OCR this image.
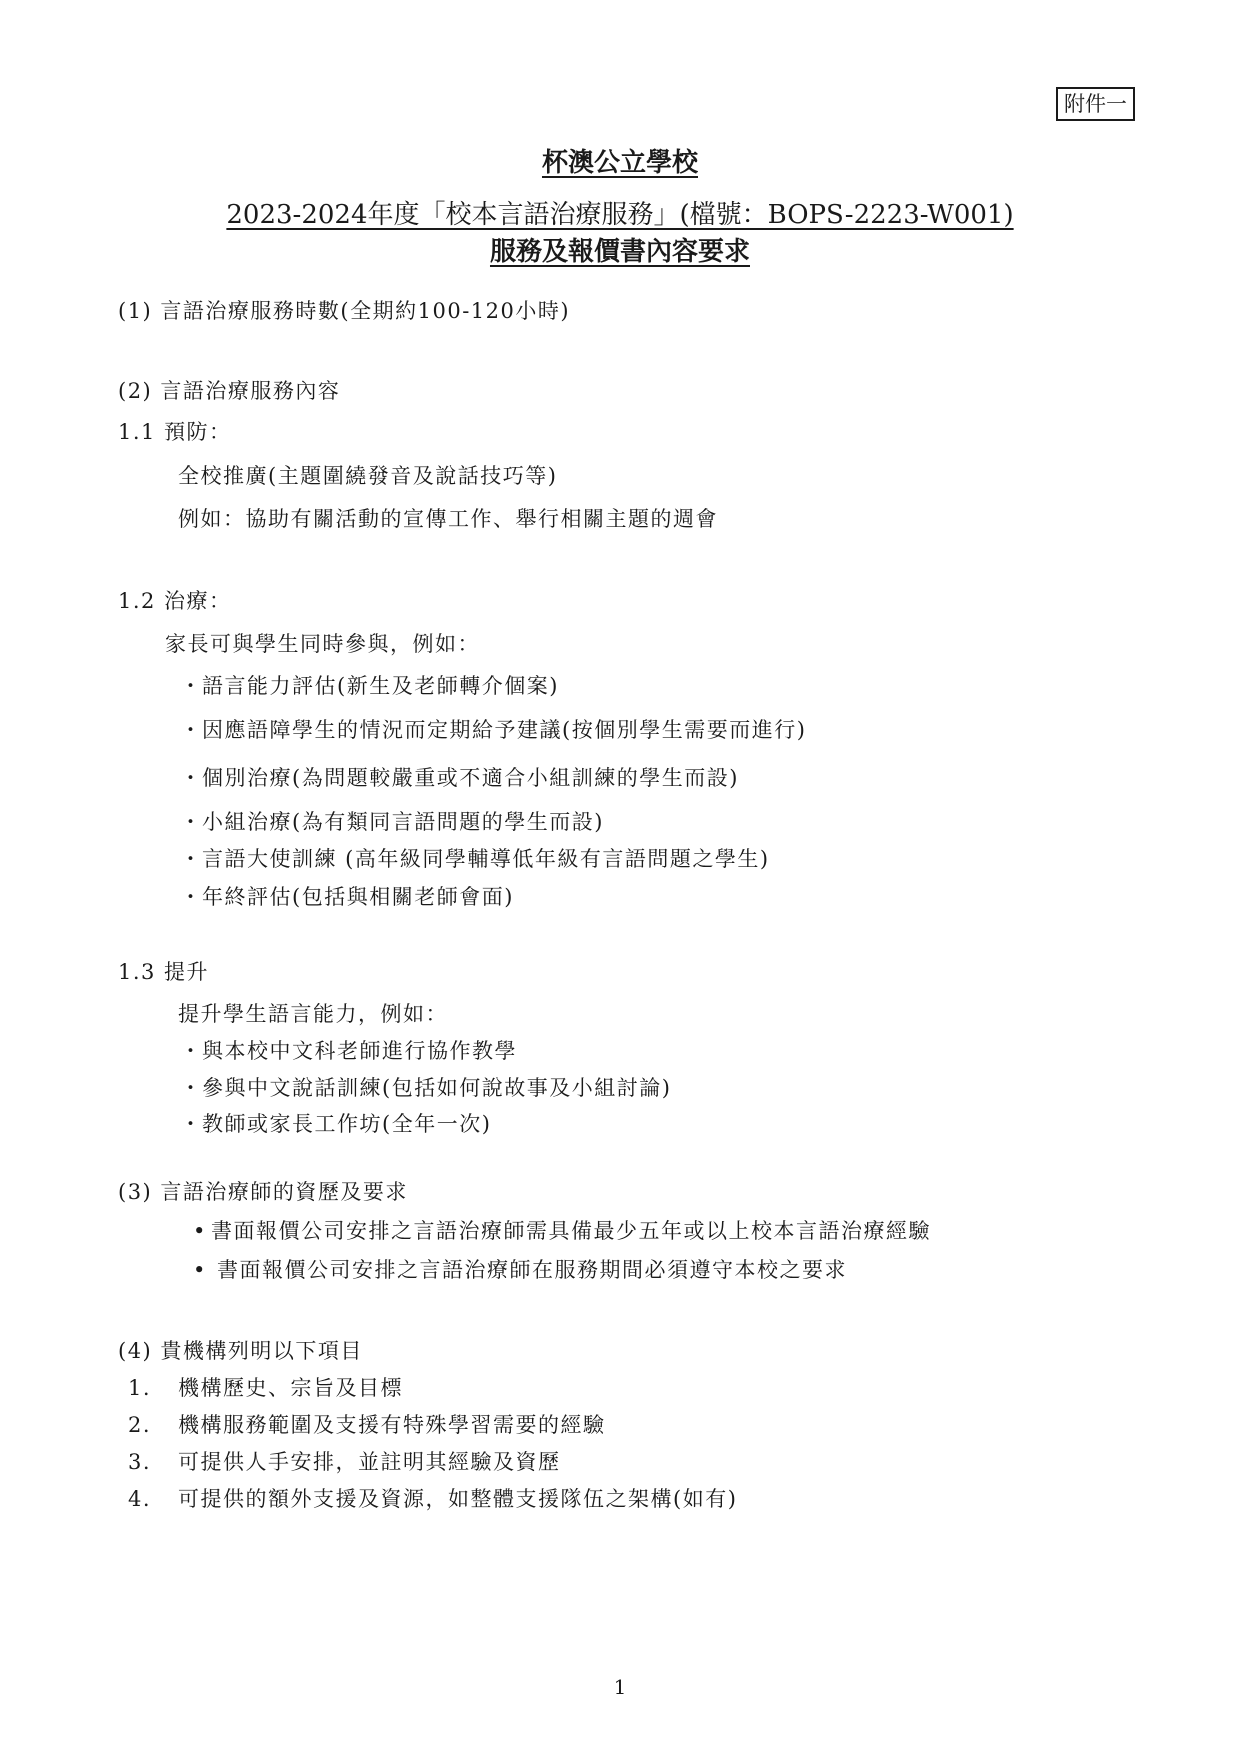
附件一
杯澳公立學校
2023-2024年度「校本言語治療服務」(檔號：BOPS-2223-W001)
服務及報價書內容要求
(1) 言語治療服務時數(全期約100-120小時)
(2) 言語治療服務內容
1.1 預防：
全校推廣(主題圍繞發音及說話技巧等)
例如：協助有關活動的宣傳工作、舉行相關主題的週會
1.2 治療：
家長可與學生同時參與，例如：
・語言能力評估(新生及老師轉介個案)
・因應語障學生的情況而定期給予建議(按個別學生需要而進行)
・個別治療(為問題較嚴重或不適合小組訓練的學生而設)
・小組治療(為有類同言語問題的學生而設)
・言語大使訓練 (高年級同學輔導低年級有言語問題之學生)
・年終評估(包括與相關老師會面)
1.3 提升
提升學生語言能力，例如：
・與本校中文科老師進行協作教學
・參與中文說話訓練(包括如何說故事及小組討論)
・教師或家長工作坊(全年一次)
(3) 言語治療師的資歷及要求
• 書面報價公司安排之言語治療師需具備最少五年或以上校本言語治療經驗
• 書面報價公司安排之言語治療師在服務期間必須遵守本校之要求
(4) 貴機構列明以下項目
1. 機構歷史、宗旨及目標
2. 機構服務範圍及支援有特殊學習需要的經驗
3. 可提供人手安排，並註明其經驗及資歷
4. 可提供的額外支援及資源，如整體支援隊伍之架構(如有)
1
